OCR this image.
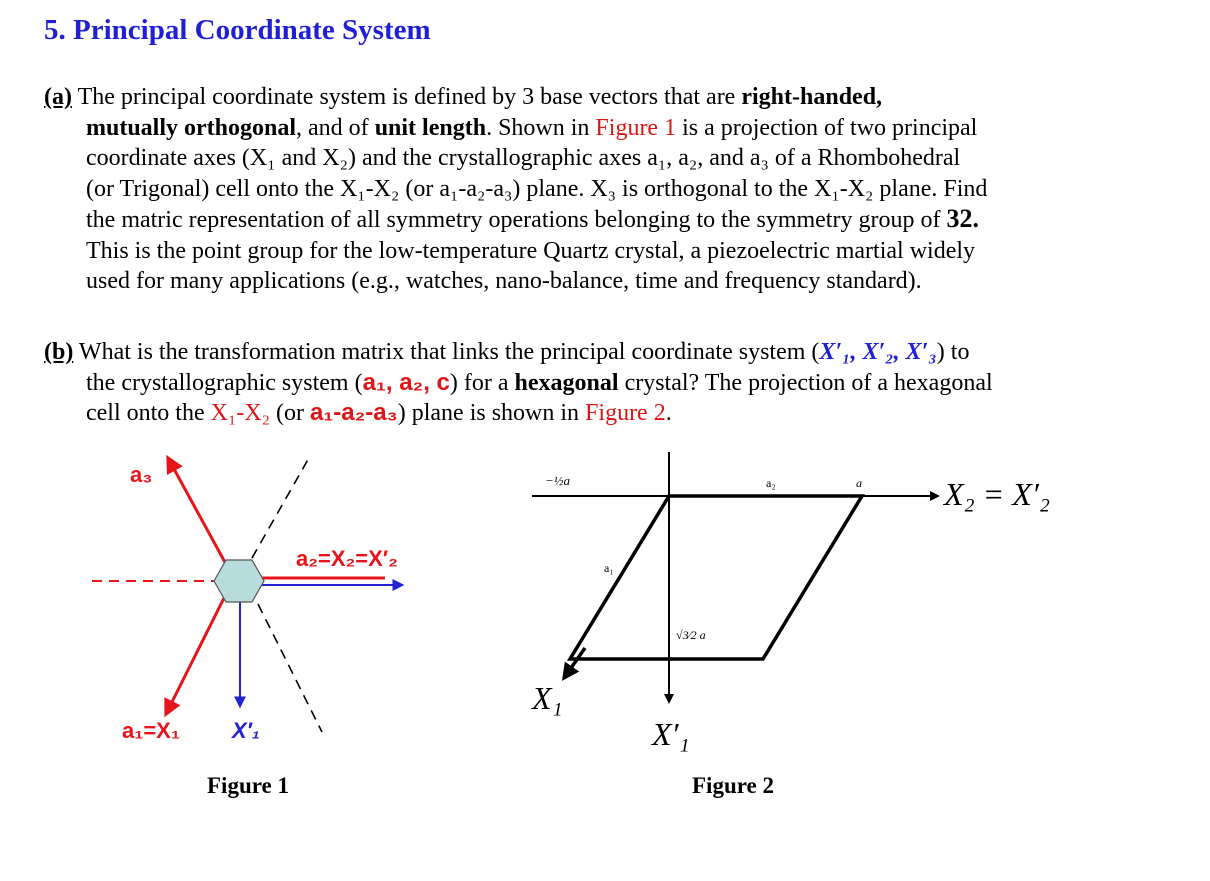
5. Principal Coordinate System
(a) The principal coordinate system is defined by 3 base vectors that are right-handed,
mutually orthogonal, and of unit length. Shown in Figure 1 is a projection of two principal
coordinate axes (X₁ and X₂) and the crystallographic axes a₁, a₂, and a₃ of a Rhombohedral
(or Trigonal) cell onto the X₁-X₂ (or a₁-a₂-a₃) plane. X₃ is orthogonal to the X₁-X₂ plane. Find
the matric representation of all symmetry operations belonging to the symmetry group of 32.
This is the point group for the low-temperature Quartz crystal, a piezoelectric martial widely
used for many applications (e.g., watches, nano-balance, time and frequency standard).
(b) What is the transformation matrix that links the principal coordinate system (X′₁, X′₂, X′₃) to
the crystallographic system (a₁, a₂, c) for a hexagonal crystal? The projection of a hexagonal
cell onto the X₁-X₂ (or a₁-a₂-a₃) plane is shown in Figure 2.
a₃
a₂=X₂=X′₂
a₁=X₁ X′₁
Figure 1
−½a	a₂	a	X₂ = X′₂
a₁
√3⁄2 a
X₁
X′₁
Figure 2
